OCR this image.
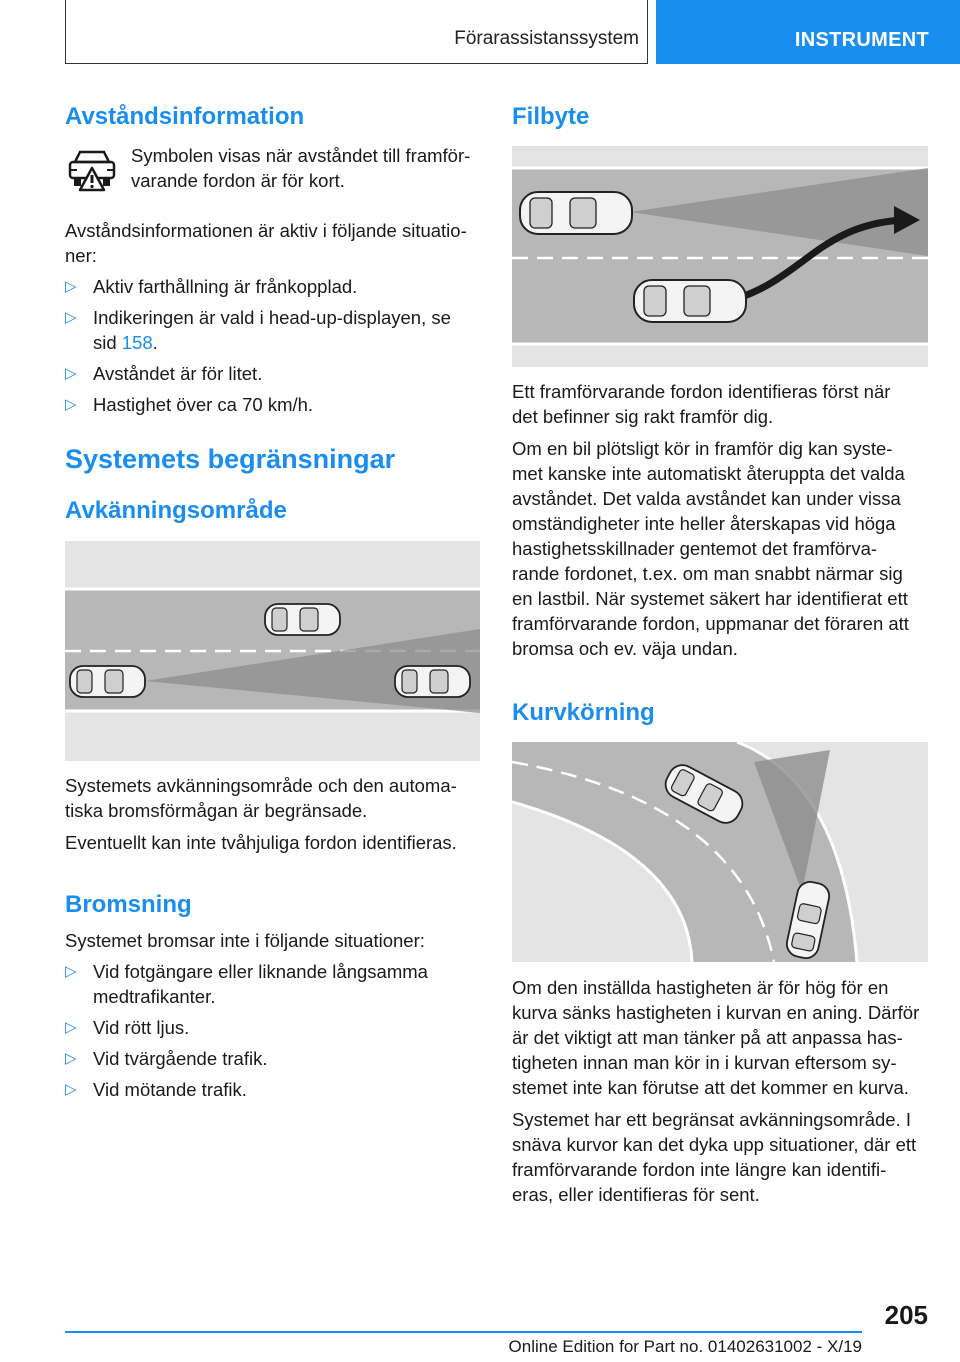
Förarassistanssystem	INSTRUMENT
Avståndsinformation
Symbolen visas när avståndet till framför-
varande fordon är för kort.
Avståndsinformationen är aktiv i följande situatio-
ner:
▷ Aktiv farthållning är frånkopplad.
▷ Indikeringen är vald i head-up-displayen, se
sid 158.
▷ Avståndet är för litet.
▷ Hastighet över ca 70 km/h.
Systemets begränsningar
Avkänningsområde
Systemets avkänningsområde och den automa-
tiska bromsförmågan är begränsade.
Eventuellt kan inte tvåhjuliga fordon identifieras.
Bromsning
Systemet bromsar inte i följande situationer:
▷ Vid fotgängare eller liknande långsamma
medtrafikanter.
▷ Vid rött ljus.
▷ Vid tvärgående trafik.
▷ Vid mötande trafik.
Filbyte
Ett framförvarande fordon identifieras först när
det befinner sig rakt framför dig.
Om en bil plötsligt kör in framför dig kan syste-
met kanske inte automatiskt återuppta det valda
avståndet. Det valda avståndet kan under vissa
omständigheter inte heller återskapas vid höga
hastighetsskillnader gentemot det framförva-
rande fordonet, t.ex. om man snabbt närmar sig
en lastbil. När systemet säkert har identifierat ett
framförvarande fordon, uppmanar det föraren att
bromsa och ev. väja undan.
Kurvkörning
Om den inställda hastigheten är för hög för en
kurva sänks hastigheten i kurvan en aning. Därför
är det viktigt att man tänker på att anpassa has-
tigheten innan man kör in i kurvan eftersom sy-
stemet inte kan förutse att det kommer en kurva.
Systemet har ett begränsat avkänningsområde. I
snäva kurvor kan det dyka upp situationer, där ett
framförvarande fordon inte längre kan identifi-
eras, eller identifieras för sent.
205
Online Edition for Part no. 01402631002 - X/19
